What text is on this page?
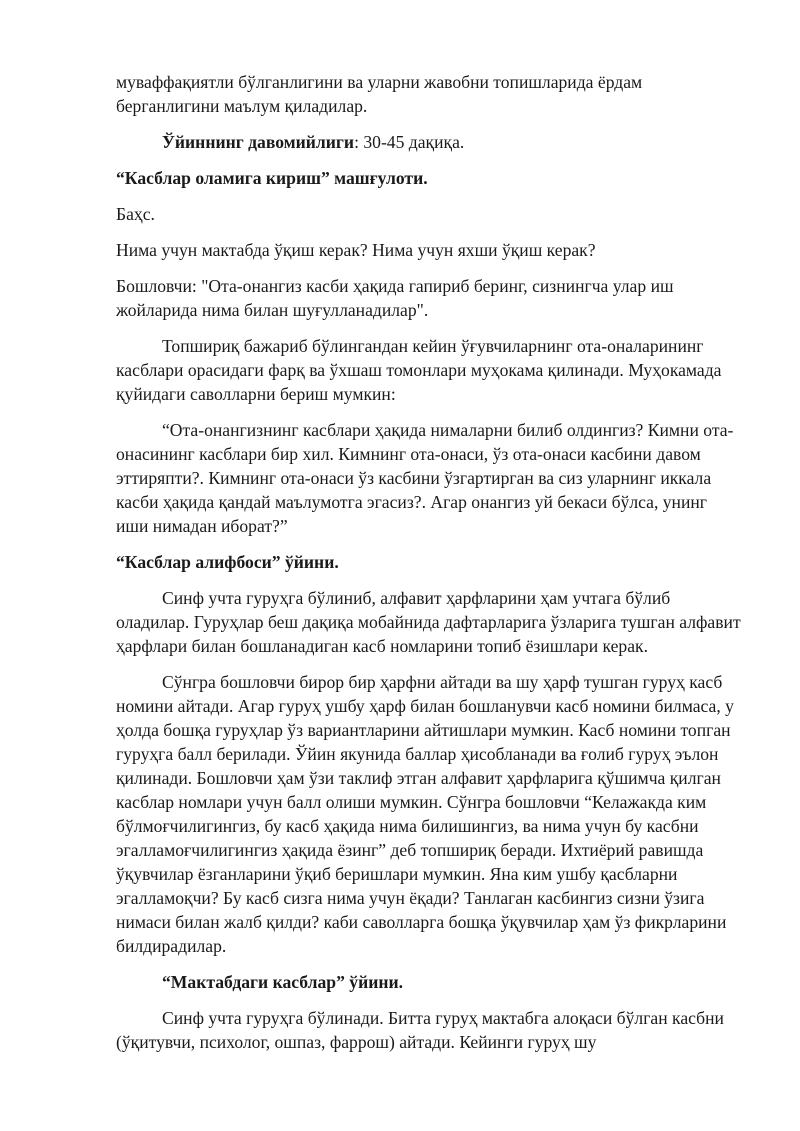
муваффақиятли бўлганлигини ва уларни жавобни топишларида ёрдам берганлигини маълум қиладилар.

Ўйиннинг давомийлиги: 30-45 дақиқа.

“Касблар оламига кириш” машғулоти.

Баҳс.

Нима учун мактабда ўқиш керак? Нима учун яхши ўқиш керак?

Бошловчи: "Ота-онангиз касби ҳақида гапириб беринг, сизнингча улар иш жойларида нима билан шуғулланадилар".

Топшириқ бажариб бўлингандан кейин ўғувчиларнинг ота-оналарининг касблари орасидаги фарқ ва ўхшаш томонлари муҳокама қилинади. Муҳокамада қуйидаги саволларни бериш мумкин:

“Ота-онангизнинг касблари ҳақида нималарни билиб олдингиз? Кимни ота-онасининг касблари бир хил. Кимнинг ота-онаси, ўз ота-онаси касбини давом эттиряпти?. Кимнинг ота-онаси ўз касбини ўзгартирган ва сиз уларнинг иккала касби ҳақида қандай маълумотга эгасиз?. Агар онангиз уй бекаси бўлса, унинг иши нимадан иборат?”

“Касблар алифбоси” ўйини.

Синф учта гуруҳга бўлиниб, алфавит ҳарфларини ҳам учтага бўлиб оладилар. Гуруҳлар беш дақиқа мобайнида дафтарларига ўзларига тушган алфавит ҳарфлари билан бошланадиган касб номларини топиб ёзишлари керак.

Сўнгра бошловчи бирор бир ҳарфни айтади ва шу ҳарф тушган гуруҳ касб номини айтади. Агар гуруҳ ушбу ҳарф билан бошланувчи касб номини билмаса, у ҳолда бошқа гуруҳлар ўз вариантларини айтишлари мумкин. Касб номини топган гуруҳга балл берилади. Ўйин якунида баллар ҳисобланади ва ғолиб гуруҳ эълон қилинади. Бошловчи ҳам ўзи таклиф этган алфавит ҳарфларига қўшимча қилган касблар номлари учун балл олиши мумкин. Сўнгра бошловчи “Келажакда ким бўлмоғчилигингиз, бу касб ҳақида нима билишингиз, ва нима учун бу касбни эгалламоғчилигингиз ҳақида ёзинг” деб топшириқ беради. Ихтиёрий равишда ўқувчилар ёзганларини ўқиб беришлари мумкин. Яна ким ушбу қасбларни эгалламоқчи? Бу касб сизга нима учун ёқади? Танлаган касбингиз сизни ўзига нимаси билан жалб қилди? каби саволларга бошқа ўқувчилар ҳам ўз фикрларини билдирадилар.

“Мактабдаги касблар” ўйини.

Синф учта гуруҳга бўлинади. Битта гуруҳ мактабга алоқаси бўлган касбни (ўқитувчи, психолог, ошпаз, фаррош) айтади. Кейинги гуруҳ шу
